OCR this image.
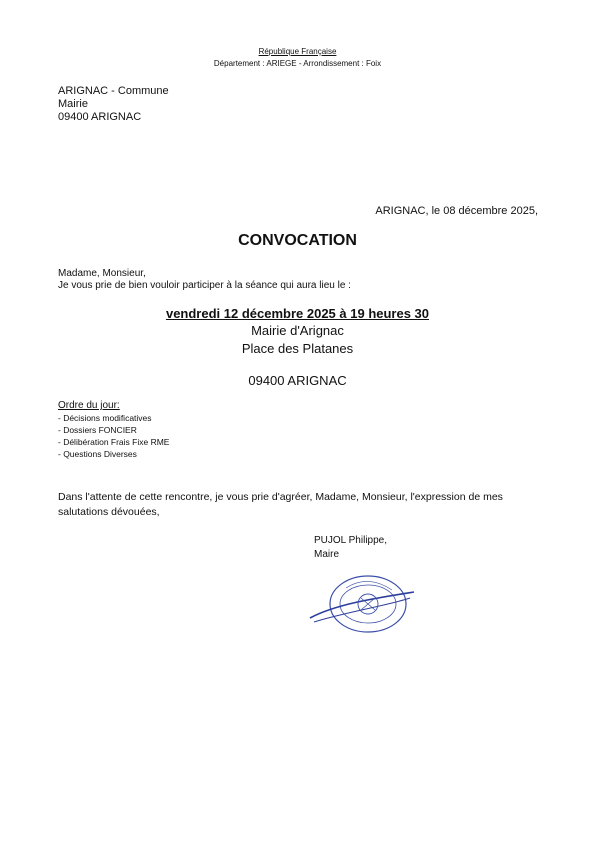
République Française
Département : ARIEGE - Arrondissement : Foix
ARIGNAC - Commune
Mairie
09400 ARIGNAC
ARIGNAC, le 08 décembre 2025,
CONVOCATION
Madame, Monsieur,
Je vous prie de bien vouloir participer à la séance qui aura lieu le :
vendredi 12 décembre 2025 à 19 heures 30
Mairie d'Arignac
Place des Platanes
09400 ARIGNAC
Ordre du jour:
- Décisions modificatives
- Dossiers FONCIER
- Délibération Frais Fixe RME
- Questions Diverses
Dans l'attente de cette rencontre, je vous prie d'agréer, Madame, Monsieur, l'expression de mes salutations dévouées,
PUJOL Philippe,
Maire
